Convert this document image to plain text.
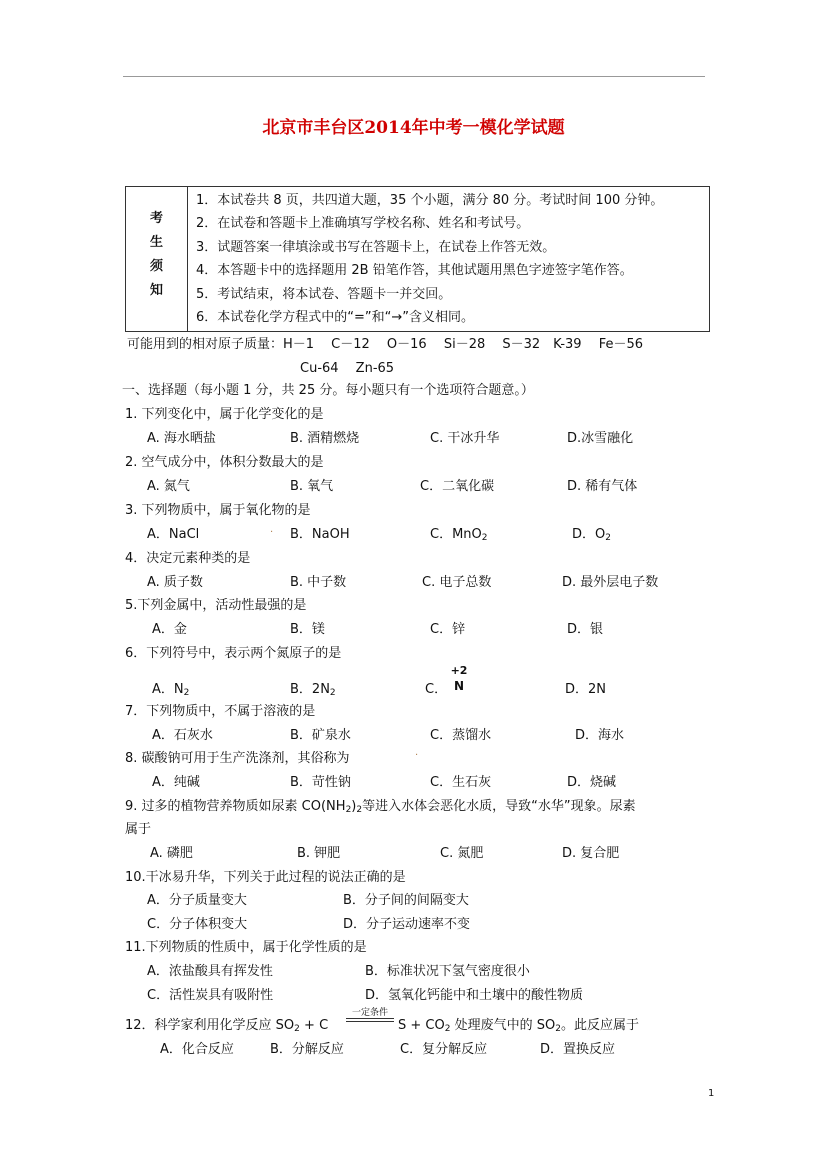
北京市丰台区2014年中考一模化学试题
考
生
须
知

1．本试卷共 8 页，共四道大题，35 个小题，满分 80 分。考试时间 100 分钟。
2．在试卷和答题卡上准确填写学校名称、姓名和考试号。
3．试题答案一律填涂或书写在答题卡上，在试卷上作答无效。
4．本答题卡中的选择题用 2B 铅笔作答，其他试题用黑色字迹签字笔作答。
5．考试结束，将本试卷、答题卡一并交回。
6．本试卷化学方程式中的“=”和“→”含义相同。
可能用到的相对原子质量：H－1　 C－12　 O－16　 Si－28　 S－32　K-39　 Fe－56
Cu-64　 Zn-65
一、选择题（每小题 1 分，共 25 分。每小题只有一个选项符合题意。）
1. 下列变化中，属于化学变化的是
A. 海水晒盐	B. 酒精燃烧	C. 干冰升华	D.冰雪融化
2. 空气成分中，体积分数最大的是
A. 氮气	B. 氧气	C．二氧化碳	D. 稀有气体
3. 下列物质中，属于氧化物的是
A．NaCl	· B．NaOH	C．MnO$_2$	D．$O_2$
4．决定元素种类的是
A. 质子数	B. 中子数	C. 电子总数	D. 最外层电子数
5.下列金属中，活动性最强的是
A．金	B．镁	C．锌	D．银
6．下列符号中，表示两个氮原子的是
A．$N_2$	B．$2N_2$	C．
+2
N	D．2N
7．下列物质中，不属于溶液的是
A．石灰水	B．矿泉水	C．蒸馏水	D．海水
8. 碳酸钠可用于生产洗涤剂，其俗称为	·
A．纯碱	B．苛性钠	C．生石灰	D．烧碱
9. 过多的植物营养物质如尿素 $CO(NH_2)_2$等进入水体会恶化水质，导致“水华”现象。尿素
属于
A. 磷肥	B. 钾肥	C. 氮肥	D. 复合肥
10.干冰易升华，下列关于此过程的说法正确的是
A．分子质量变大	B．分子间的间隔变大
C．分子体积变大	D．分子运动速率不变
11.下列物质的性质中，属于化学性质的是
A．浓盐酸具有挥发性	B．标准状况下氢气密度很小
C．活性炭具有吸附性	D．氢氧化钙能中和土壤中的酸性物质
12．科学家利用化学反应 $SO_2 + C$
一定条件
$S + CO_2$ 处理废气中的 $SO_2$。此反应属于
A．化合反应	B．分解反应	C．复分解反应	D．置换反应
1
